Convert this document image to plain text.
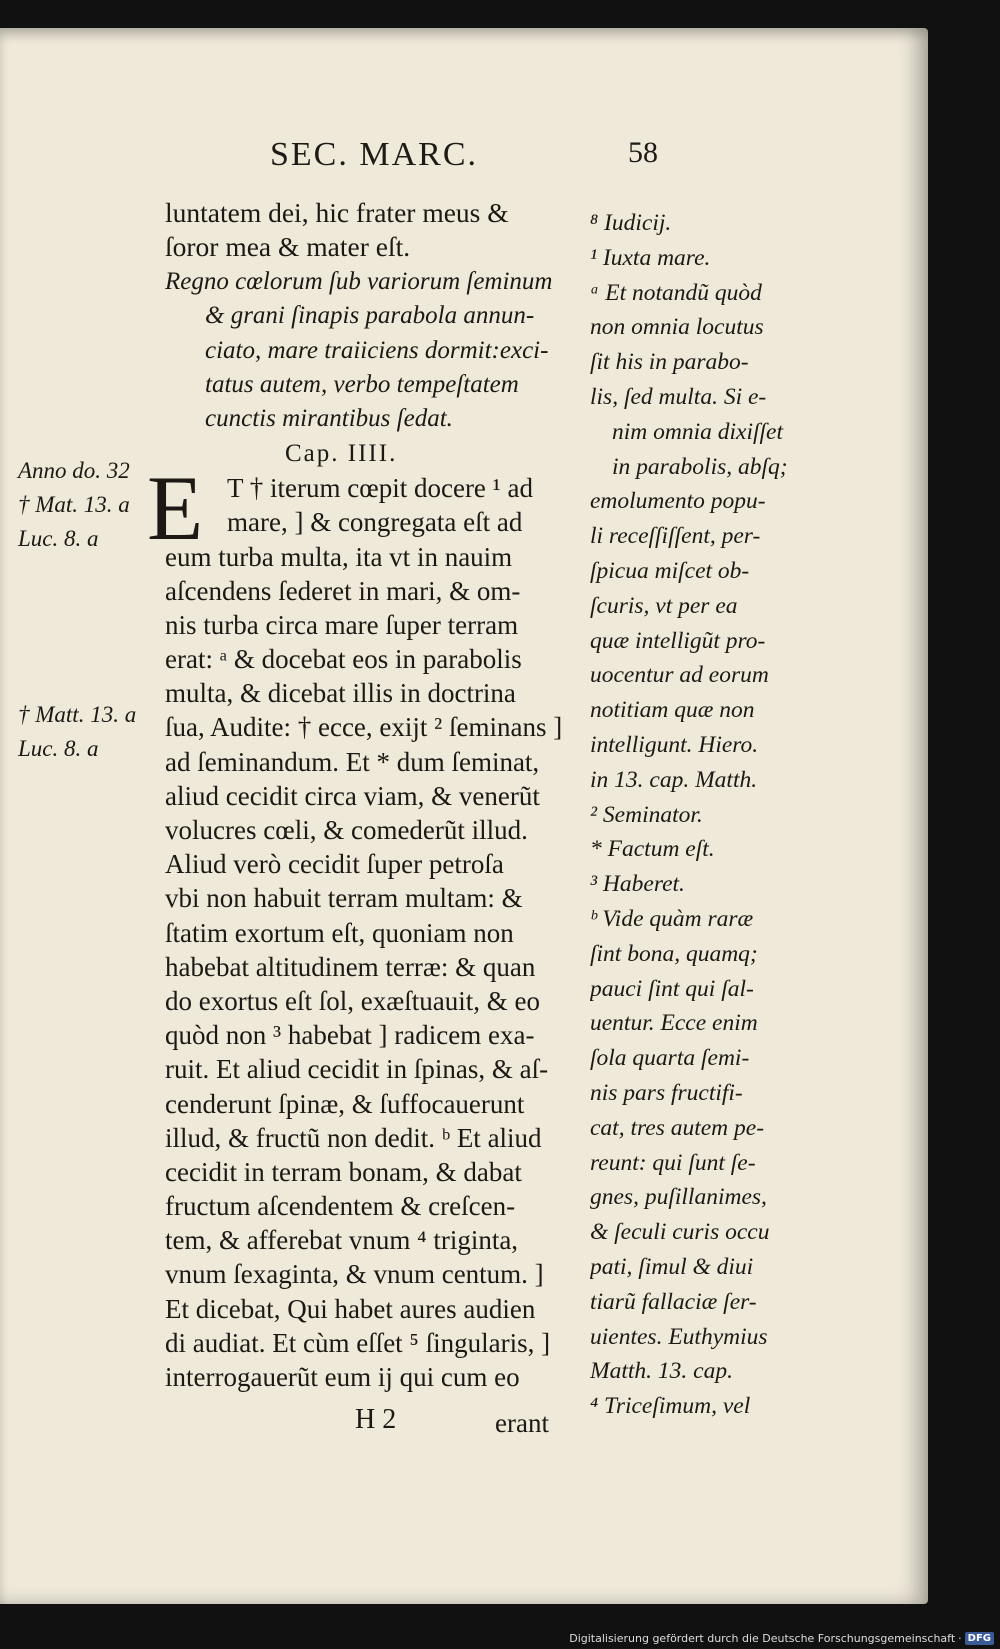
SEC. MARC.	58
luntatem dei, hic frater meus &
ſoror mea & mater eſt.
Regno cœlorum ſub variorum ſeminum
& grani ſinapis parabola annun-
ciato, mare traiiciens dormit:exci-
tatus autem, verbo tempeſtatem
cunctis mirantibus ſedat.
Cap. IIII.
E T † iterum cœpit docere ¹ ad
mare, ] & congregata eſt ad
eum turba multa, ita vt in nauim
aſcendens ſederet in mari, & om-
nis turba circa mare ſuper terram
erat: ᵃ & docebat eos in parabolis
multa, & dicebat illis in doctrina
ſua, Audite: † ecce, exijt ² ſeminans ]
ad ſeminandum. Et * dum ſeminat,
aliud cecidit circa viam, & venerũt
volucres cœli, & comederũt illud.
Aliud verò cecidit ſuper petroſa
vbi non habuit terram multam: &
ſtatim exortum eſt, quoniam non
habebat altitudinem terræ: & quan
do exortus eſt ſol, exæſtuauit, & eo
quòd non ³ habebat ] radicem exa-
ruit. Et aliud cecidit in ſpinas, & aſ-
cenderunt ſpinæ, & ſuffocauerunt
illud, & fructũ non dedit. ᵇ Et aliud
cecidit in terram bonam, & dabat
fructum aſcendentem & creſcen-
tem, & afferebat vnum ⁴ triginta,
vnum ſexaginta, & vnum centum. ]
Et dicebat, Qui habet aures audien
di audiat. Et cùm eſſet ⁵ ſingularis, ]
interrogauerũt eum ij qui cum eo
H 2	erant
⁸ Iudicij.
¹ Iuxta mare.
ᵃ Et notandũ quòd
non omnia locutus
ſit his in parabo-
lis, ſed multa. Si e-
nim omnia dixiſſet
in parabolis, abſq;
emolumento popu-
li receſſiſſent, per-
ſpicua miſcet ob-
ſcuris, vt per ea
quæ intelligũt pro-
uocentur ad eorum
notitiam quæ non
intelligunt. Hiero.
in 13. cap. Matth.
² Seminator.
* Factum eſt.
³ Haberet.
ᵇ Vide quàm raræ
ſint bona, quamq;
pauci ſint qui ſal-
uentur. Ecce enim
ſola quarta ſemi-
nis pars fructifi-
cat, tres autem pe-
reunt: qui ſunt ſe-
gnes, puſillanimes,
& ſeculi curis occu
pati, ſimul & diui
tiarũ fallaciæ ſer-
uientes. Euthymius
Matth. 13. cap.
⁴ Triceſimum, vel
Anno do. 32
† Mat. 13. a
Luc. 8. a
† Matt. 13. a
Luc. 8. a
Digitalisierung gefördert durch die Deutsche Forschungsgemeinschaft · DFG
